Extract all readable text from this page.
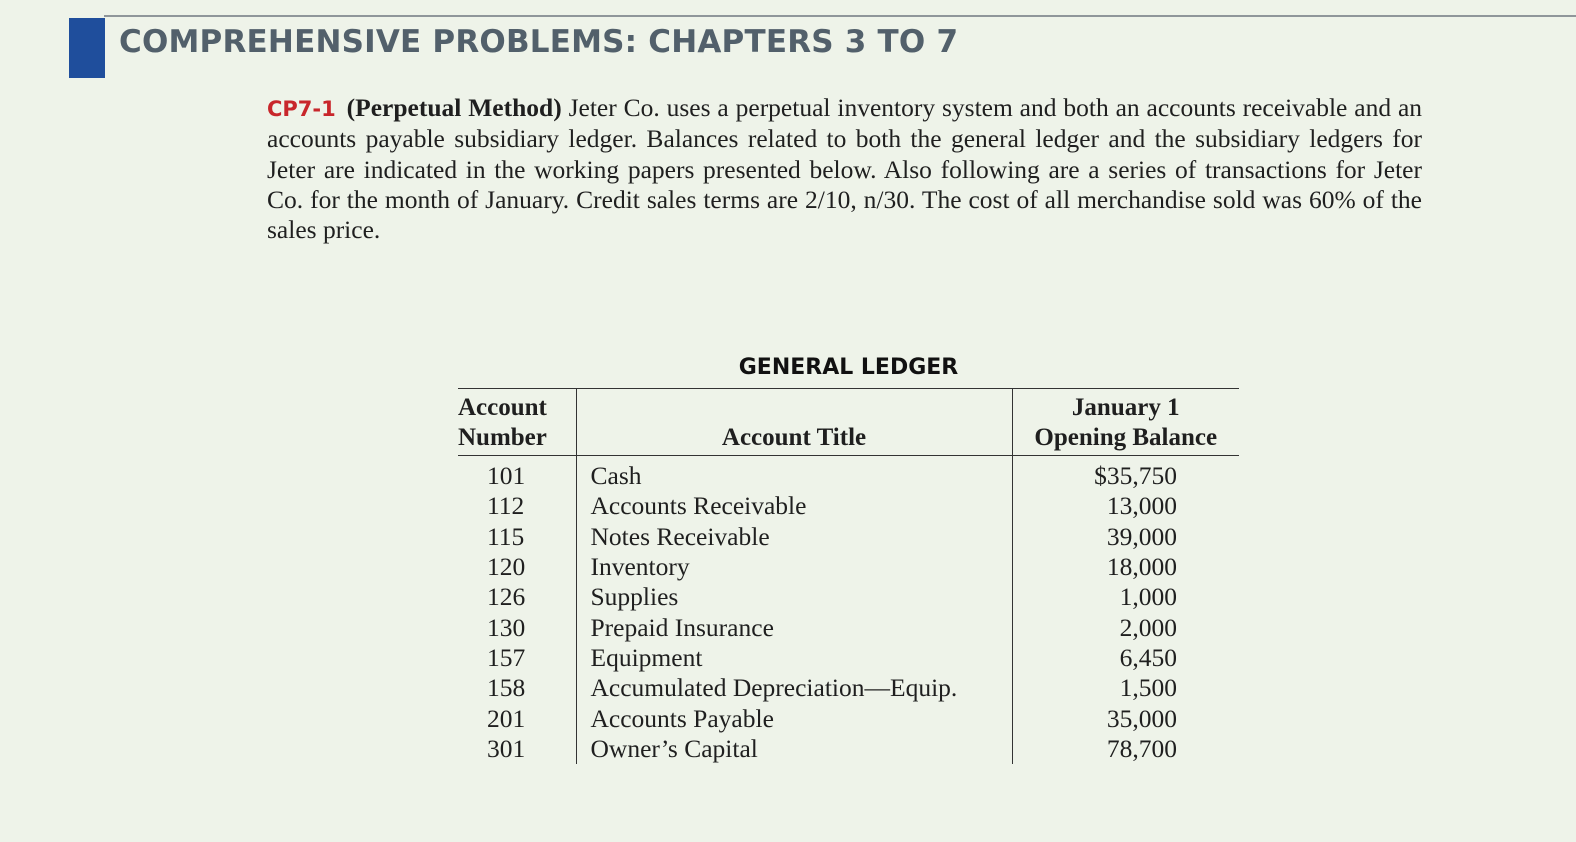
COMPREHENSIVE PROBLEMS: CHAPTERS 3 TO 7
CP7-1 (Perpetual Method) Jeter Co. uses a perpetual inventory system and both an accounts receivable and an accounts payable subsidiary ledger. Balances related to both the general ledger and the subsidiary ledgers for Jeter are indicated in the working papers presented below. Also following are a series of transactions for Jeter Co. for the month of January. Credit sales terms are 2/10, n/30. The cost of all merchandise sold was 60% of the sales price.
GENERAL LEDGER
Account
Number	Account Title	January 1
Opening Balance
101	Cash	$35,750
112	Accounts Receivable	13,000
115	Notes Receivable	39,000
120	Inventory	18,000
126	Supplies	1,000
130	Prepaid Insurance	2,000
157	Equipment	6,450
158	Accumulated Depreciation—Equip.	1,500
201	Accounts Payable	35,000
301	Owner’s Capital	78,700
